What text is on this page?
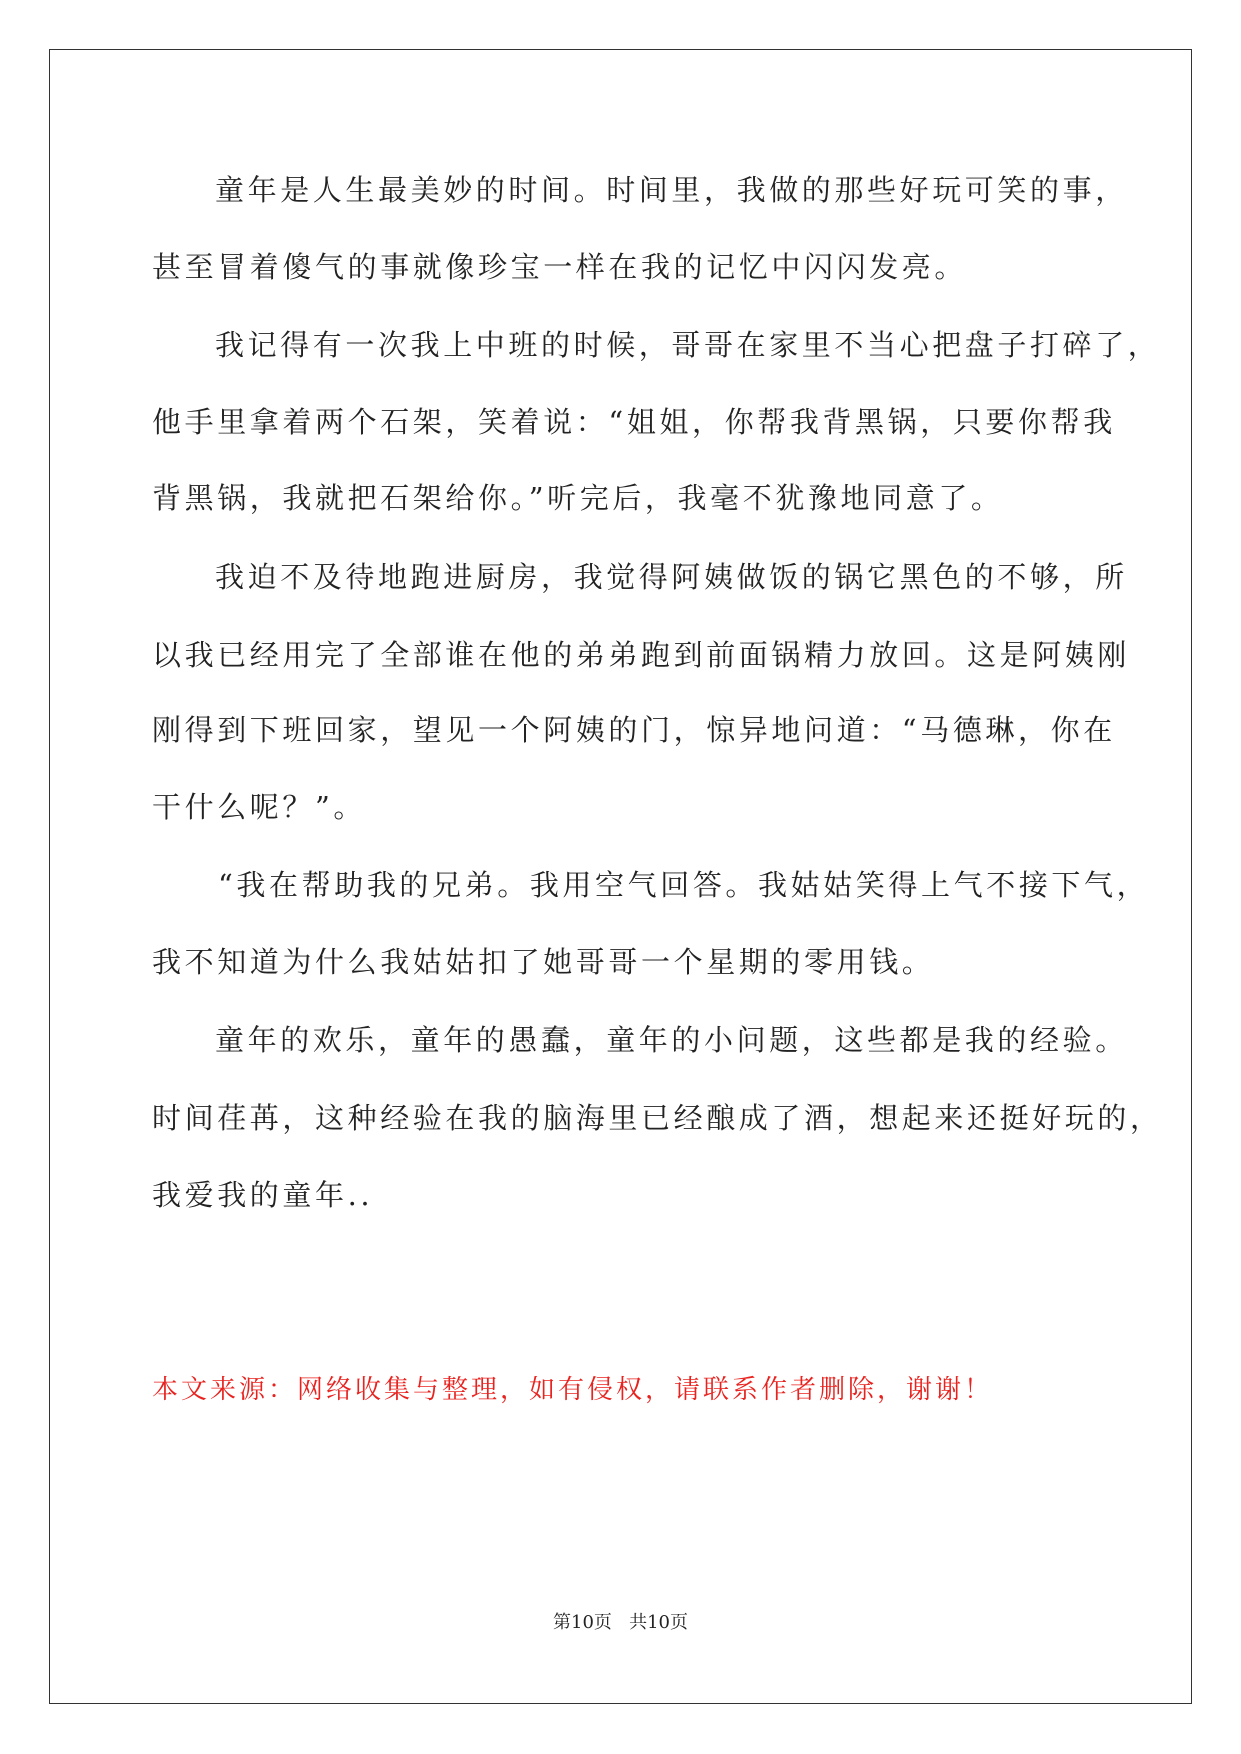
童年是人生最美妙的时间。时间里，我做的那些好玩可笑的事，
甚至冒着傻气的事就像珍宝一样在我的记忆中闪闪发亮。
我记得有一次我上中班的时候，哥哥在家里不当心把盘子打碎了，
他手里拿着两个石架，笑着说：“姐姐，你帮我背黑锅，只要你帮我
背黑锅，我就把石架给你。”听完后，我毫不犹豫地同意了。
我迫不及待地跑进厨房，我觉得阿姨做饭的锅它黑色的不够，所
以我已经用完了全部谁在他的弟弟跑到前面锅精力放回。这是阿姨刚
刚得到下班回家，望见一个阿姨的门，惊异地问道：“马德琳，你在
干什么呢？”。
“我在帮助我的兄弟。我用空气回答。我姑姑笑得上气不接下气，
我不知道为什么我姑姑扣了她哥哥一个星期的零用钱。
童年的欢乐，童年的愚蠢，童年的小问题，这些都是我的经验。
时间荏苒，这种经验在我的脑海里已经酿成了酒，想起来还挺好玩的，
我爱我的童年..
本文来源：网络收集与整理，如有侵权，请联系作者删除，谢谢！
第10页   共10页
